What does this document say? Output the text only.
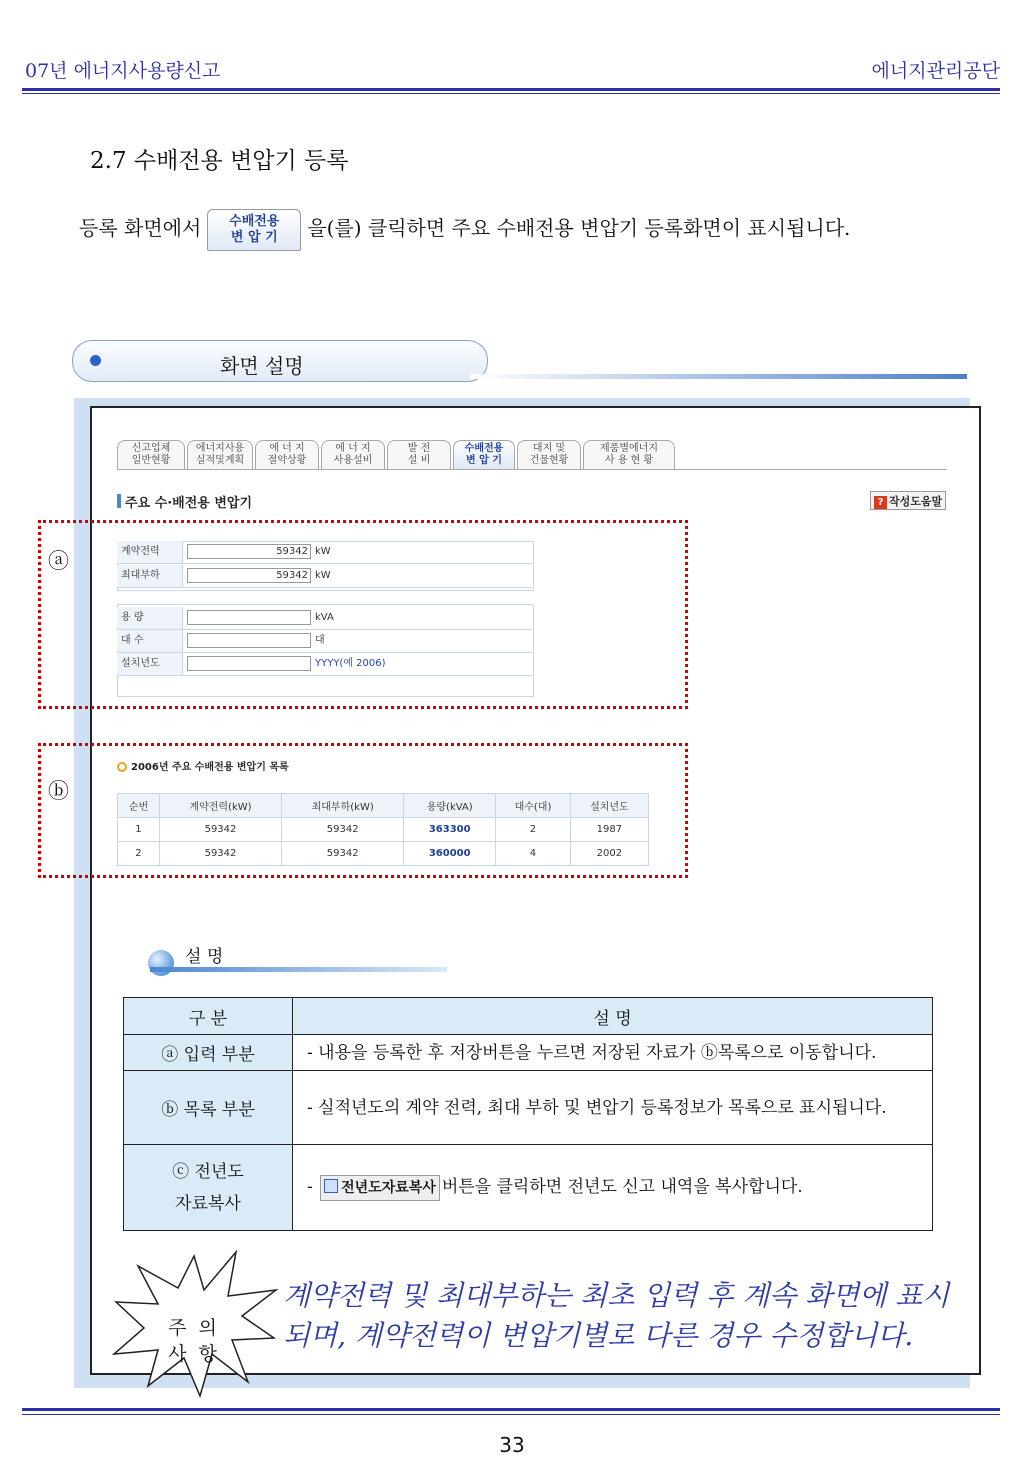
07년 에너지사용량신고	에너지관리공단
2.7 수배전용 변압기 등록
등록 화면에서 수배전용
변 압 기 을(를) 클릭하면 주요 수배전용 변압기 등록화면이 표시됩니다.
화면 설명
신고업체
일반현황
에너지사용
실적및계획
에 너 지
절약상황
에 너 지
사용설비
발 전
설 비
수배전용
변 압 기
대지 및
건물현황
제품별에너지
사 용 현 황
주요 수·배전용 변압기	? 작성도움말
ⓐ	계약전력	59342 kW
최대부하	59342 kW
용 량	kVA
대 수	대
설치년도	YYYY(예 2006)
ⓑ
2006년 주요 수배전용 변압기 목록
순번	계약전력(kW)	최대부하(kW)	용량(kVA)	대수(대)	설치년도
1	59342	59342	363300	2	1987
2	59342	59342	360000	4	2002
설 명
구 분	설 명
ⓐ 입력 부분	- 내용을 등록한 후 저장버튼을 누르면 저장된 자료가 ⓑ목록으로 이동합니다.
ⓑ 목록 부분	- 실적년도의 계약 전력, 최대 부하 및 변압기 등록정보가 목록으로 표시됩니다.
ⓒ 전년도
자료복사	- 전년도자료복사 버튼을 클릭하면 전년도 신고 내역을 복사합니다.
주 의
사 항
계약전력 및 최대부하는 최초 입력 후 계속 화면에 표시되며, 계약전력이 변압기별로 다른 경우 수정합니다.
33
